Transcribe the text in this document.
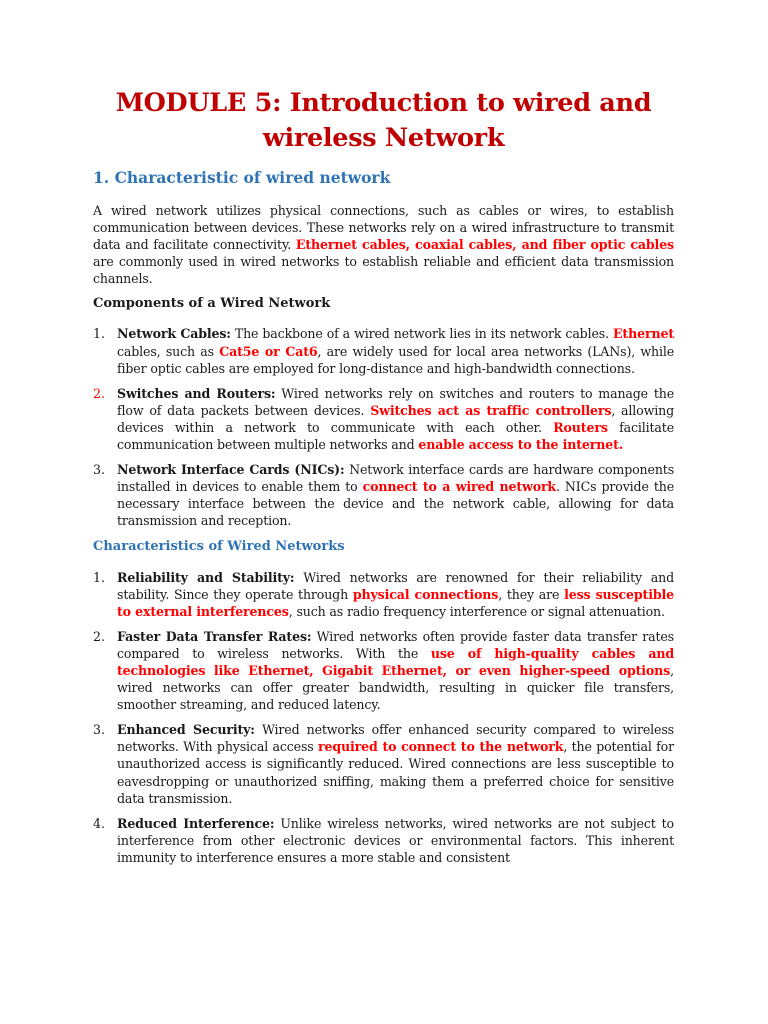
MODULE 5: Introduction to wired and
wireless Network
1. Characteristic of wired network

A wired network utilizes physical connections, such as cables or wires, to establish communication between devices. These networks rely on a wired infrastructure to transmit data and facilitate connectivity. Ethernet cables, coaxial cables, and fiber optic cables are commonly used in wired networks to establish reliable and efficient data transmission channels.

Components of a Wired Network
1. Network Cables: The backbone of a wired network lies in its network cables. Ethernet cables, such as Cat5e or Cat6, are widely used for local area networks (LANs), while fiber optic cables are employed for long-distance and high-bandwidth connections.

2. Switches and Routers: Wired networks rely on switches and routers to manage the flow of data packets between devices. Switches act as traffic controllers, allowing devices within a network to communicate with each other. Routers facilitate communication between multiple networks and enable access to the internet.

3. Network Interface Cards (NICs): Network interface cards are hardware components installed in devices to enable them to connect to a wired network. NICs provide the necessary interface between the device and the network cable, allowing for data transmission and reception.

Characteristics of Wired Networks
1. Reliability and Stability: Wired networks are renowned for their reliability and stability. Since they operate through physical connections, they are less susceptible to external interferences, such as radio frequency interference or signal attenuation.

2. Faster Data Transfer Rates: Wired networks often provide faster data transfer rates compared to wireless networks. With the use of high-quality cables and technologies like Ethernet, Gigabit Ethernet, or even higher-speed options, wired networks can offer greater bandwidth, resulting in quicker file transfers, smoother streaming, and reduced latency.

3. Enhanced Security: Wired networks offer enhanced security compared to wireless networks. With physical access required to connect to the network, the potential for unauthorized access is significantly reduced. Wired connections are less susceptible to eavesdropping or unauthorized sniffing, making them a preferred choice for sensitive data transmission.

4. Reduced Interference: Unlike wireless networks, wired networks are not subject to interference from other electronic devices or environmental factors. This inherent immunity to interference ensures a more stable and consistent
